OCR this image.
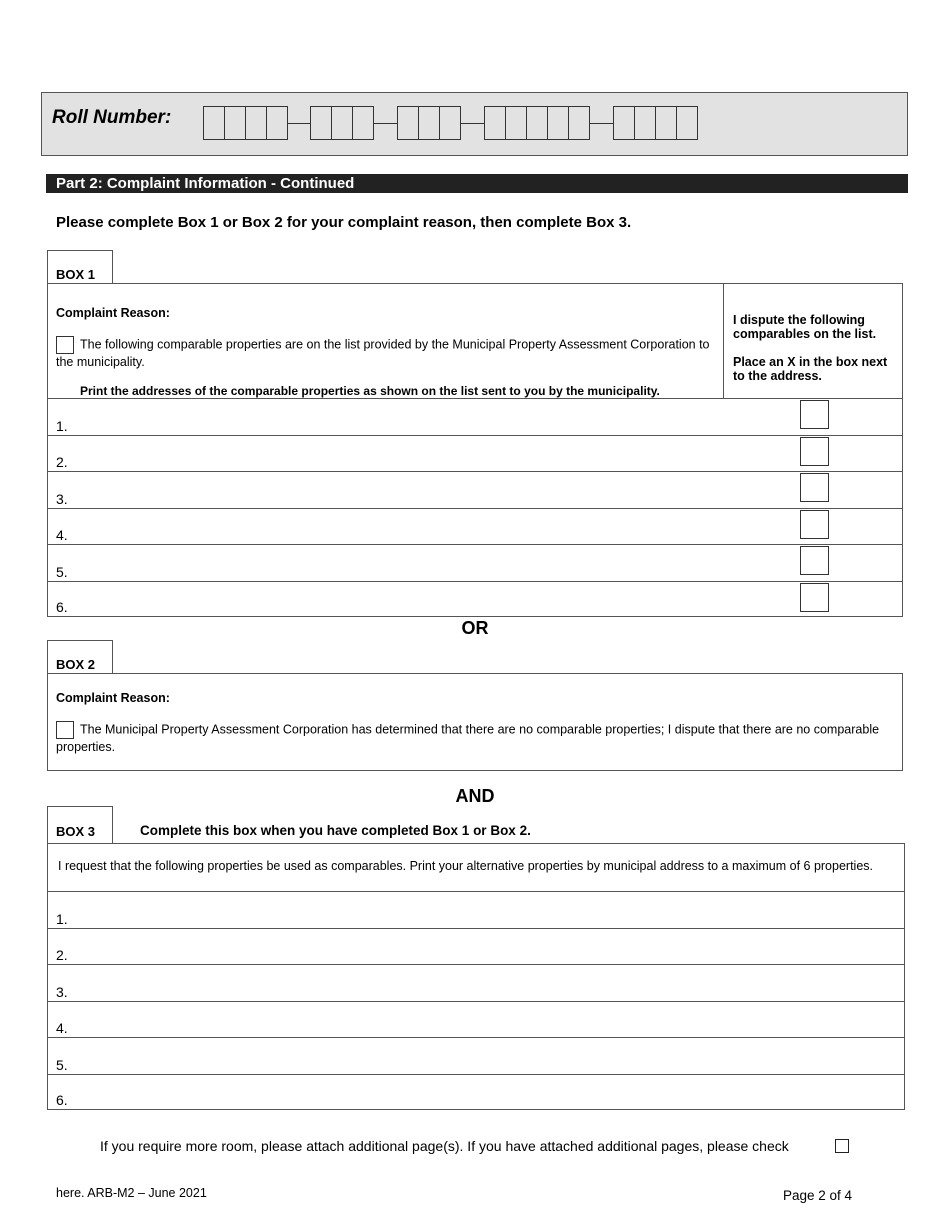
Roll Number:
Part 2: Complaint Information - Continued
Please complete Box 1 or Box 2 for your complaint reason, then complete Box 3.
BOX 1
Complaint Reason:
The following comparable properties are on the list provided by the Municipal Property Assessment Corporation to the municipality.
Print the addresses of the comparable properties as shown on the list sent to you by the municipality.
I dispute the following comparables on the list.
Place an X in the box next to the address.
1.
2.
3.
4.
5.
6.
OR
BOX 2
Complaint Reason:
The Municipal Property Assessment Corporation has determined that there are no comparable properties; I dispute that there are no comparable properties.
AND
BOX 3	Complete this box when you have completed Box 1 or Box 2.
I request that the following properties be used as comparables. Print your alternative properties by municipal address to a maximum of 6 properties.
1.
2.
3.
4.
5.
6.
If you require more room, please attach additional page(s). If you have attached additional pages, please check
here. ARB-M2 – June 2021	Page 2 of 4
